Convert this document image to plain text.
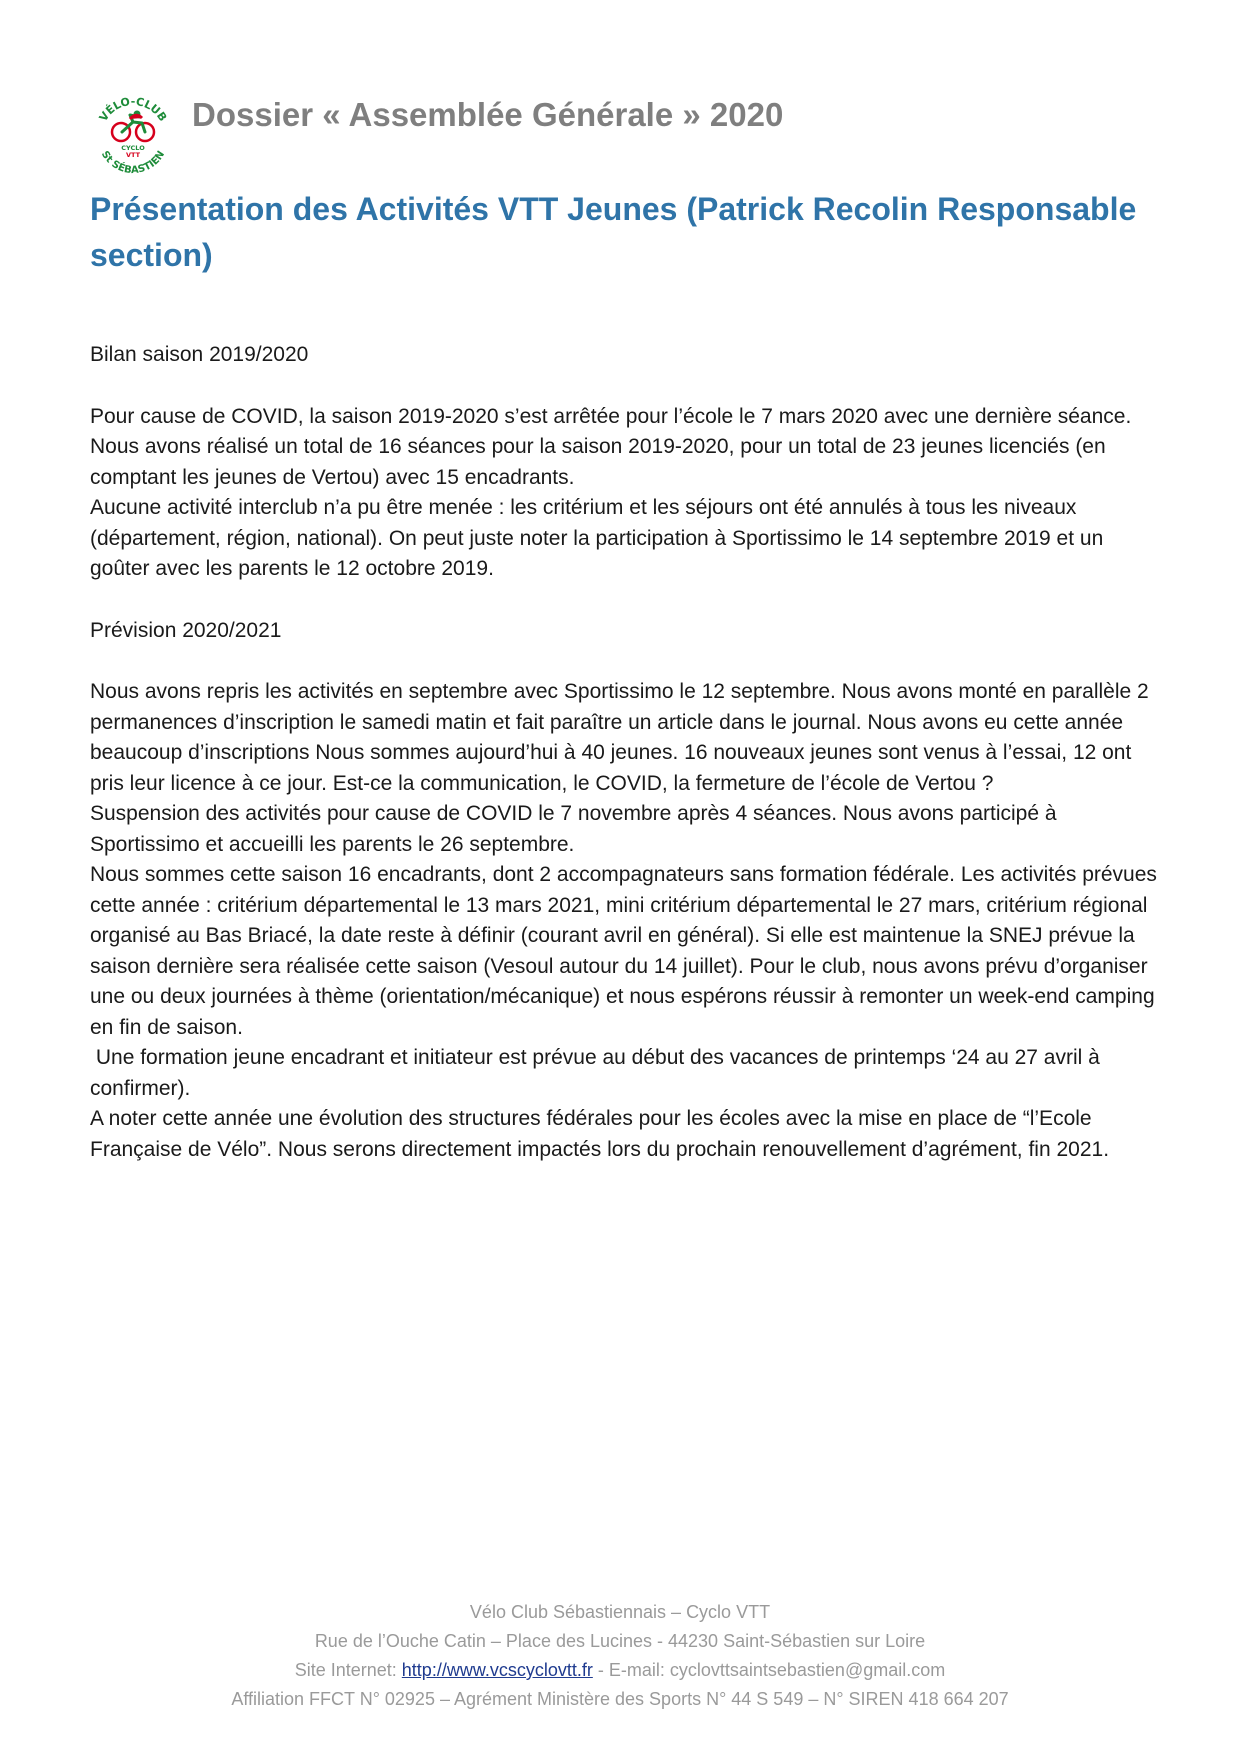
VÉLO-CLUB
St SÉBASTIEN
CYCLO
VTT
Dossier « Assemblée Générale » 2020
Présentation des Activités VTT Jeunes (Patrick Recolin Responsable section)

Bilan saison 2019/2020

Pour cause de COVID, la saison 2019-2020 s’est arrêtée pour l’école le 7 mars 2020 avec une dernière séance. Nous avons réalisé un total de 16 séances pour la saison 2019-2020, pour un total de 23 jeunes licenciés (en comptant les jeunes de Vertou) avec 15 encadrants.

Aucune activité interclub n’a pu être menée : les critérium et les séjours ont été annulés à tous les niveaux (département, région, national). On peut juste noter la participation à Sportissimo le 14 septembre 2019 et un goûter avec les parents le 12 octobre 2019.

Prévision 2020/2021

Nous avons repris les activités en septembre avec Sportissimo le 12 septembre. Nous avons monté en parallèle 2 permanences d’inscription le samedi matin et fait paraître un article dans le journal. Nous avons eu cette année beaucoup d’inscriptions Nous sommes aujourd’hui à 40 jeunes. 16 nouveaux jeunes sont venus à l’essai, 12 ont pris leur licence à ce jour. Est-ce la communication, le COVID, la fermeture de l’école de Vertou ?

Suspension des activités pour cause de COVID le 7 novembre après 4 séances. Nous avons participé à Sportissimo et accueilli les parents le 26 septembre.

Nous sommes cette saison 16 encadrants, dont 2 accompagnateurs sans formation fédérale. Les activités prévues cette année : critérium départemental le 13 mars 2021, mini critérium départemental le 27 mars, critérium régional organisé au Bas Briacé, la date reste à définir (courant avril en général). Si elle est maintenue la SNEJ prévue la saison dernière sera réalisée cette saison (Vesoul autour du 14 juillet). Pour le club, nous avons prévu d’organiser une ou deux journées à thème (orientation/mécanique) et nous espérons réussir à remonter un week-end camping en fin de saison.

Une formation jeune encadrant et initiateur est prévue au début des vacances de printemps ‘24 au 27 avril à confirmer).

A noter cette année une évolution des structures fédérales pour les écoles avec la mise en place de “l’Ecole Française de Vélo”. Nous serons directement impactés lors du prochain renouvellement d’agrément, fin 2021.

Vélo Club Sébastiennais – Cyclo VTT

Rue de l’Ouche Catin – Place des Lucines - 44230 Saint-Sébastien sur Loire

Site Internet: http://www.vcscyclovtt.fr - E-mail: cyclovttsaintsebastien@gmail.com

Affiliation FFCT N° 02925 – Agrément Ministère des Sports N° 44 S 549 – N° SIREN 418 664 207
